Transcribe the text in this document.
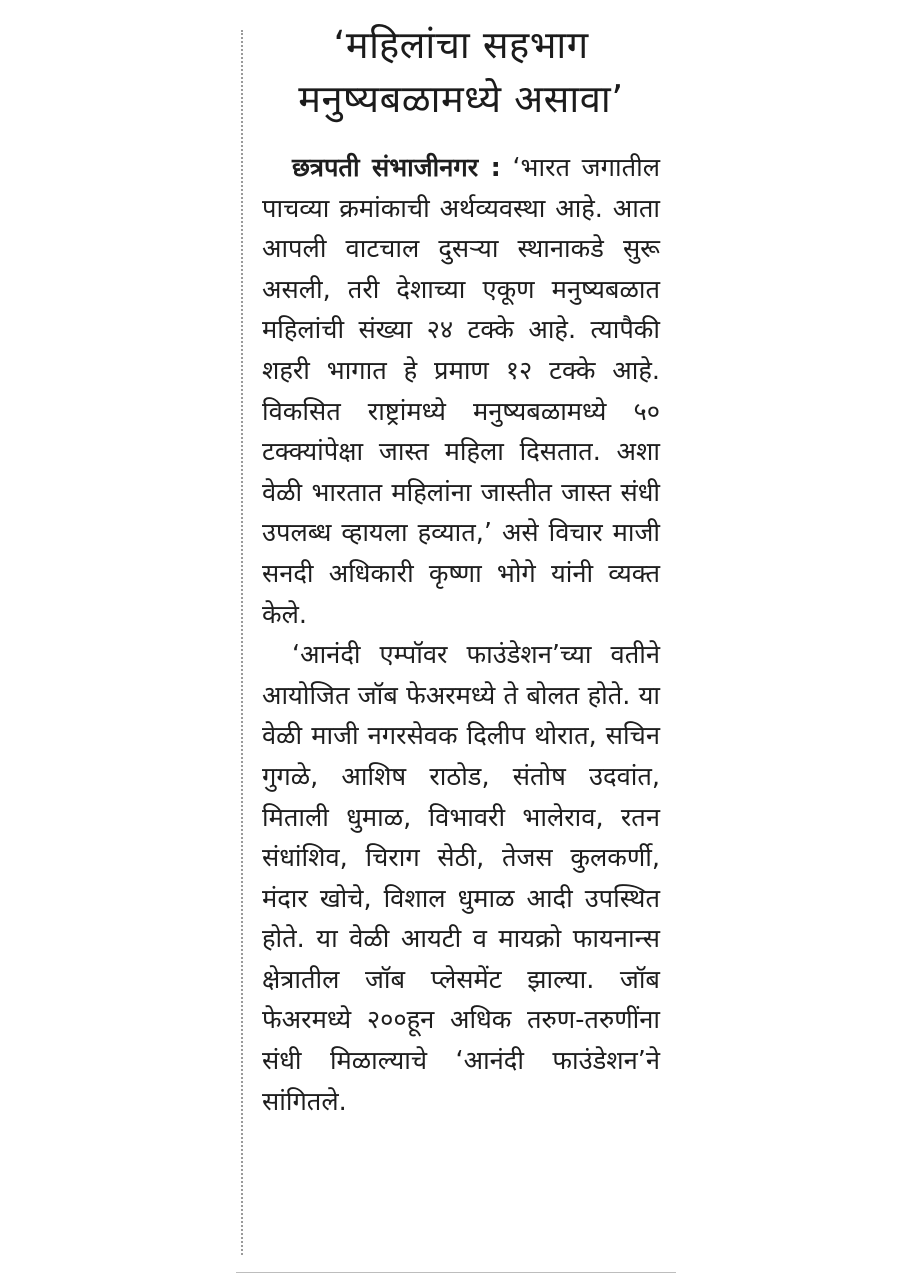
‘महिलांचा सहभाग
मनुष्यबळामध्ये असावा’

छत्रपती संभाजीनगर : ‘भारत जगातील पाचव्या क्रमांकाची अर्थव्यवस्था आहे. आता आपली वाटचाल दुसऱ्या स्थानाकडे सुरू असली, तरी देशाच्या एकूण मनुष्यबळात महिलांची संख्या २४ टक्के आहे. त्यापैकी शहरी भागात हे प्रमाण १२ टक्के आहे. विकसित राष्ट्रांमध्ये मनुष्यबळामध्ये ५० टक्क्यांपेक्षा जास्त महिला दिसतात. अशा वेळी भारतात महिलांना जास्तीत जास्त संधी उपलब्ध व्हायला हव्यात,’ असे विचार माजी सनदी अधिकारी कृष्णा भोगे यांनी व्यक्त केले.

‘आनंदी एम्पॉवर फाउंडेशन’च्या वतीने आयोजित जॉब फेअरमध्ये ते बोलत होते. या वेळी माजी नगरसेवक दिलीप थोरात, सचिन गुगळे, आशिष राठोड, संतोष उदवांत, मिताली धुमाळ, विभावरी भालेराव, रतन संधांशिव, चिराग सेठी, तेजस कुलकर्णी, मंदार खोचे, विशाल धुमाळ आदी उपस्थित होते. या वेळी आयटी व मायक्रो फायनान्स क्षेत्रातील जॉब प्लेसमेंट झाल्या. जॉब फेअरमध्ये २००हून अधिक तरुण-तरुणींना संधी मिळाल्याचे ‘आनंदी फाउंडेशन’ने सांगितले.
